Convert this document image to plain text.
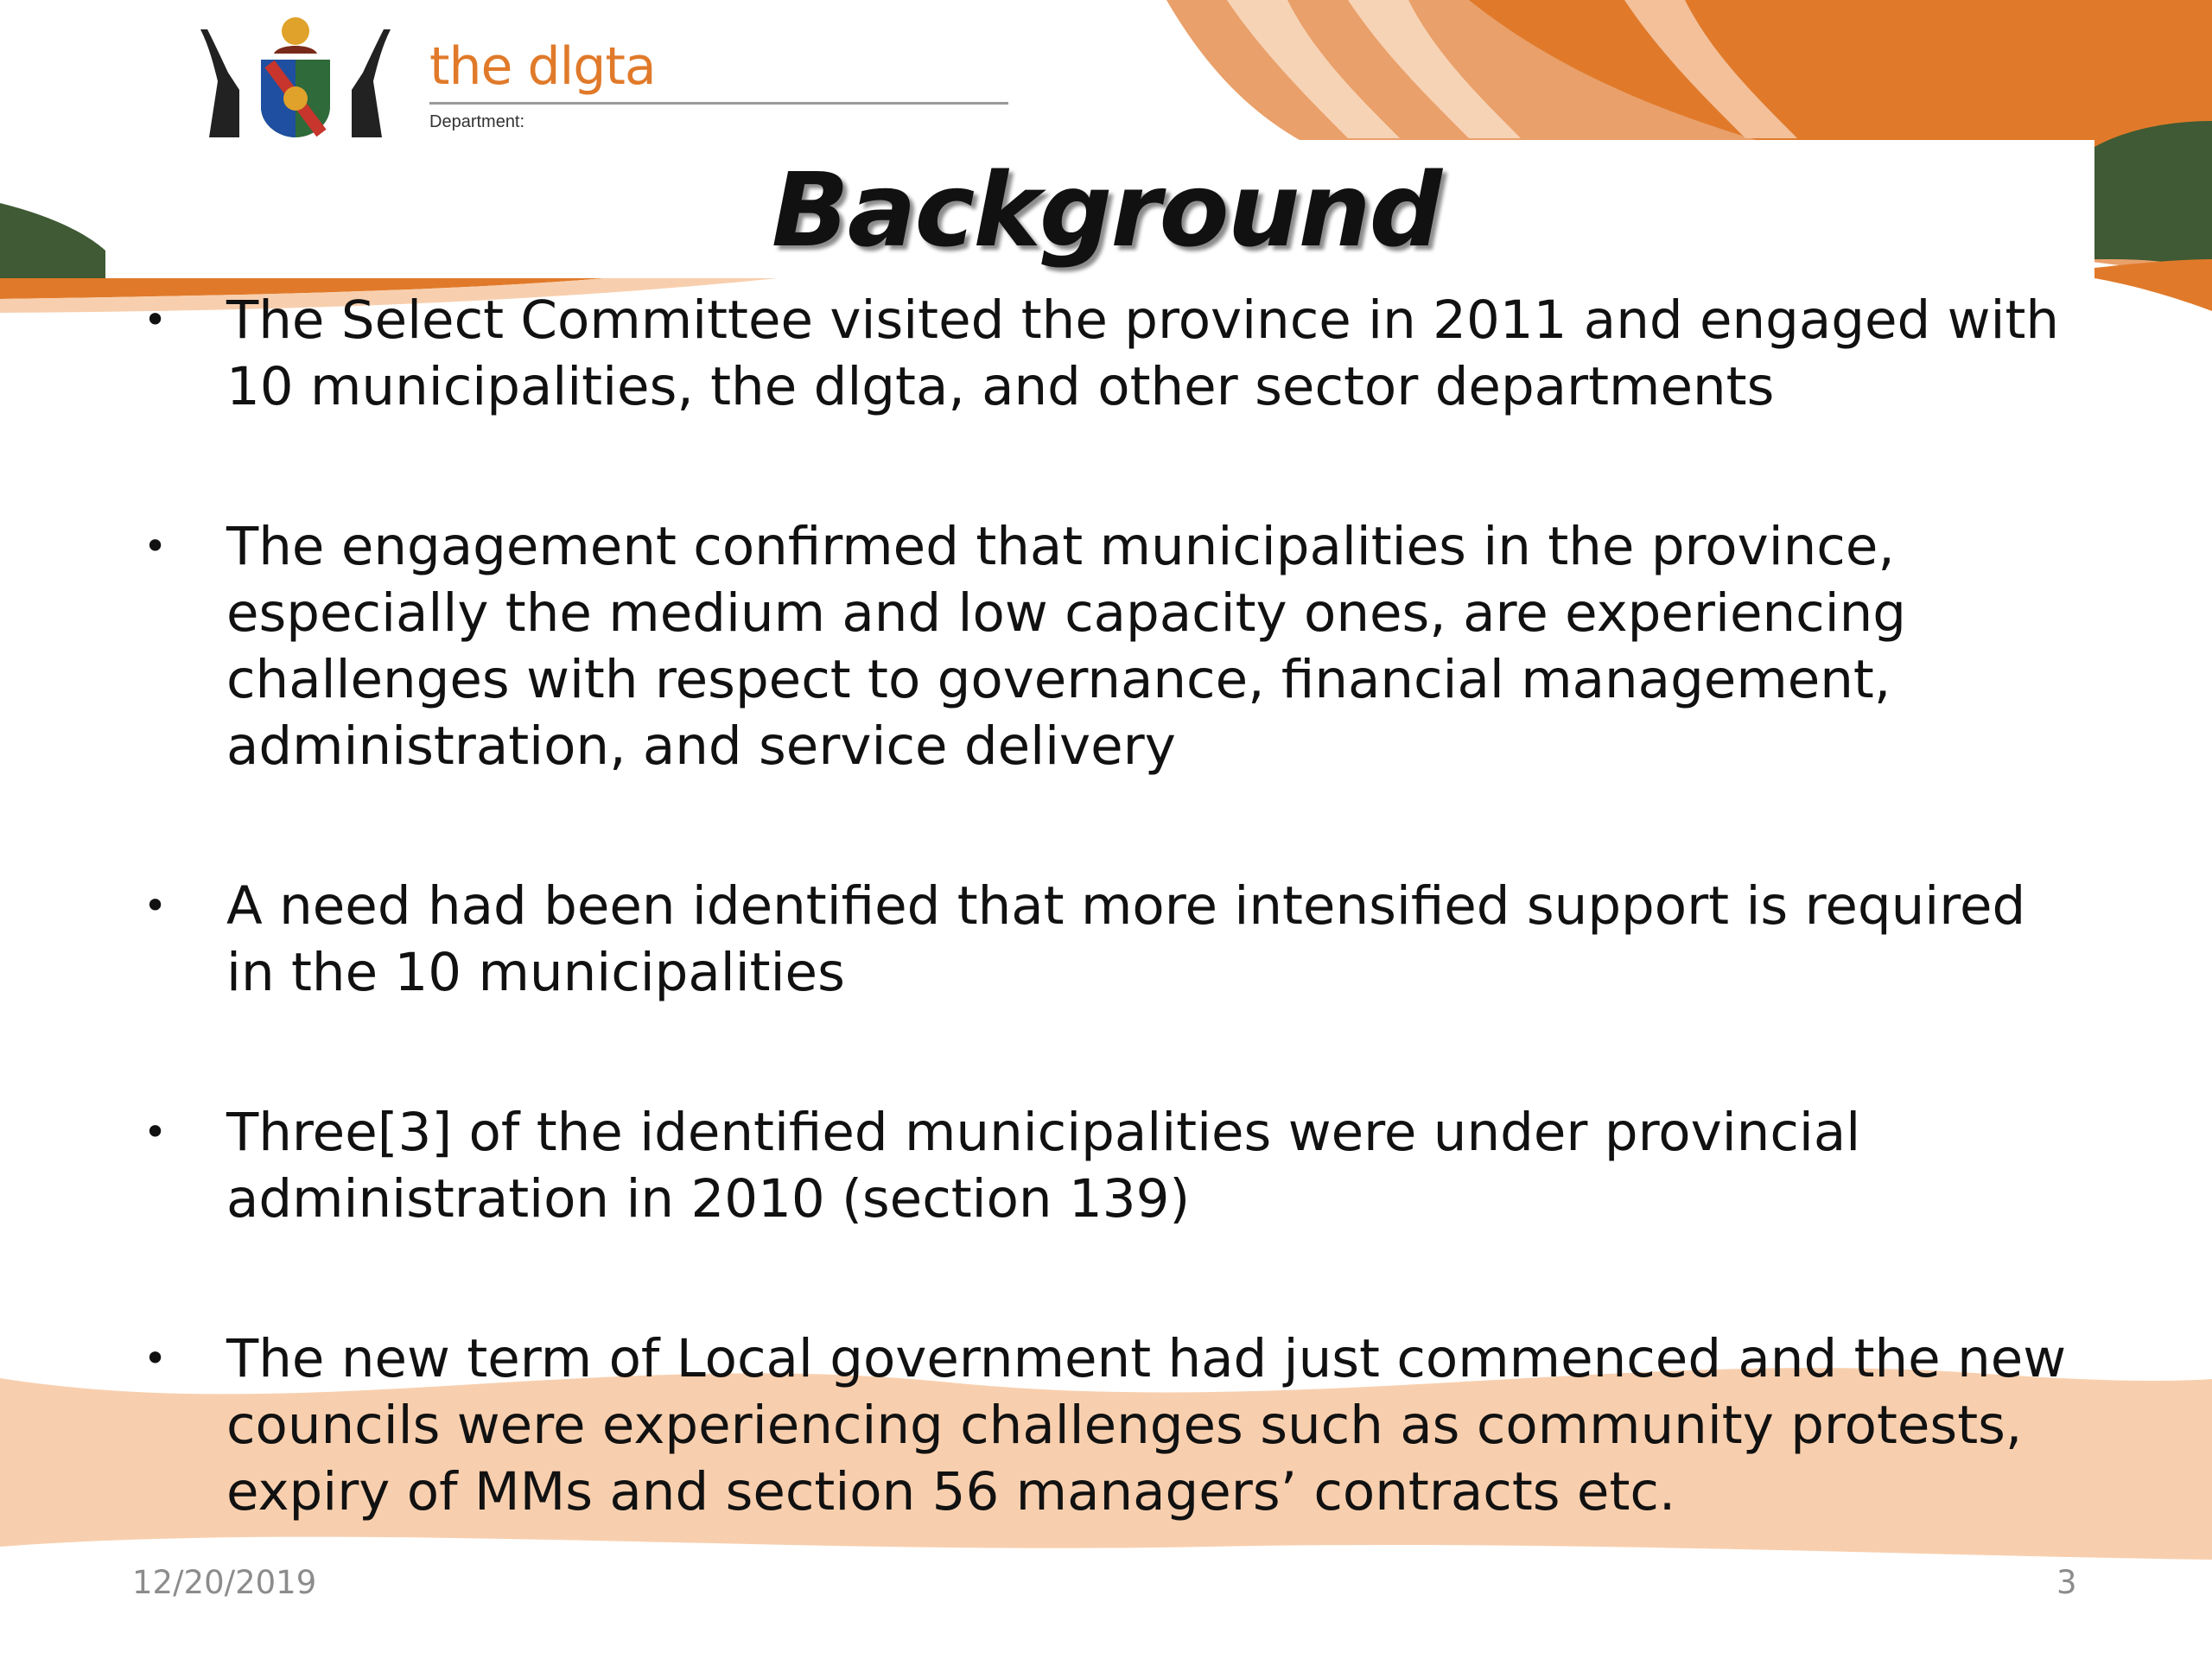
the dlgta
Department:
Background
• The Select Committee visited the province in 2011 and engaged with 10 municipalities, the dlgta, and other sector departments
• The engagement confirmed that municipalities in the province, especially the medium and low capacity ones, are experiencing challenges with respect to governance, financial management, administration, and service delivery
• A need had been identified that more intensified support is required in the 10 municipalities
• Three[3] of the identified municipalities were under provincial administration in 2010 (section 139)
• The new term of Local government had just commenced and the new councils were experiencing challenges such as community protests, expiry of MMs and section 56 managers’ contracts etc.
12/20/2019	3
